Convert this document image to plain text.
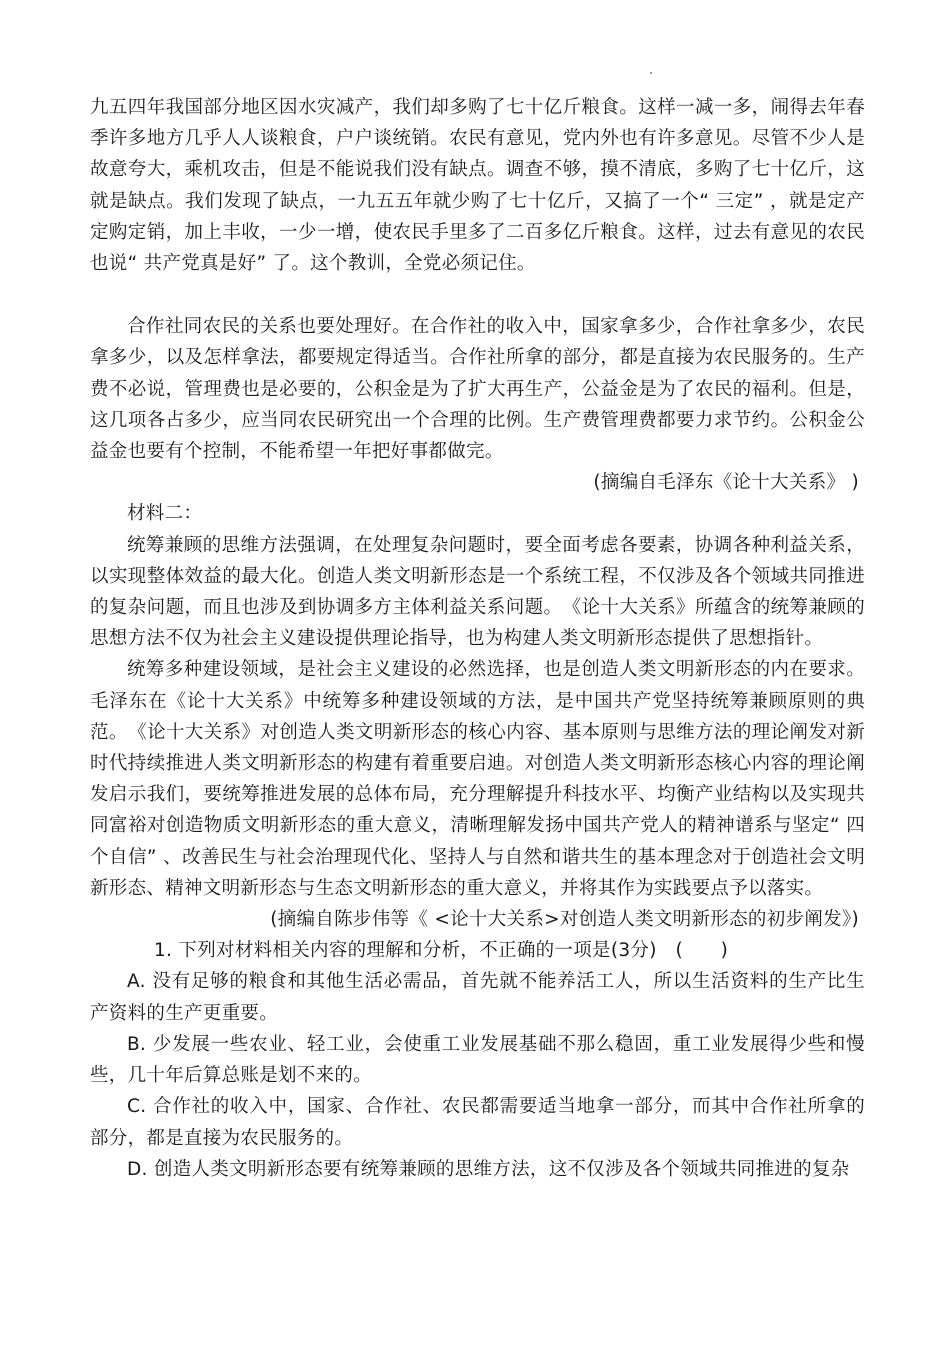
九五四年我国部分地区因水灾减产，我们却多购了七十亿斤粮食。这样一减一多，闹得去年春季许多地方几乎人人谈粮食，户户谈统销。农民有意见，党内外也有许多意见。尽管不少人是故意夸大，乘机攻击，但是不能说我们没有缺点。调查不够，摸不清底，多购了七十亿斤，这就是缺点。我们发现了缺点，一九五五年就少购了七十亿斤，又搞了一个“ 三定” ，就是定产定购定销，加上丰收，一少一增，使农民手里多了二百多亿斤粮食。这样，过去有意见的农民也说“ 共产党真是好” 了。这个教训，全党必须记住。

合作社同农民的关系也要处理好。在合作社的收入中，国家拿多少，合作社拿多少，农民拿多少，以及怎样拿法，都要规定得适当。合作社所拿的部分，都是直接为农民服务的。生产费不必说，管理费也是必要的，公积金是为了扩大再生产，公益金是为了农民的福利。但是，这几项各占多少，应当同农民研究出一个合理的比例。生产费管理费都要力求节约。公积金公益金也要有个控制，不能希望一年把好事都做完。

(摘编自毛泽东《论十大关系》 )

材料二：

统筹兼顾的思维方法强调，在处理复杂问题时，要全面考虑各要素，协调各种利益关系，以实现整体效益的最大化。创造人类文明新形态是一个系统工程，不仅涉及各个领域共同推进的复杂问题，而且也涉及到协调多方主体利益关系问题。　《论十大关系》所蕴含的统筹兼顾的思想方法不仅为社会主义建设提供理论指导，也为构建人类文明新形态提供了思想指针。

统筹多种建设领域，是社会主义建设的必然选择，也是创造人类文明新形态的内在要求。毛泽东在《论十大关系》中统筹多种建设领域的方法，是中国共产党坚持统筹兼顾原则的典范。　《论十大关系》对创造人类文明新形态的核心内容、基本原则与思维方法的理论阐发对新时代持续推进人类文明新形态的构建有着重要启迪。对创造人类文明新形态核心内容的理论阐发启示我们，要统筹推进发展的总体布局，充分理解提升科技水平、均衡产业结构以及实现共同富裕对创造物质文明新形态的重大意义，清晰理解发扬中国共产党人的精神谱系与坚定“ 四个自信” 、改善民生与社会治理现代化、坚持人与自然和谐共生的基本理念对于创造社会文明新形态、精神文明新形态与生态文明新形态的重大意义，并将其作为实践要点予以落实。

(摘编自陈步伟等《 <论十大关系>对创造人类文明新形态的初步阐发》)

1. 下列对材料相关内容的理解和分析，不正确的一项是(3分)　(　　)

A. 没有足够的粮食和其他生活必需品，首先就不能养活工人，所以生活资料的生产比生产资料的生产更重要。

B. 少发展一些农业、轻工业，会使重工业发展基础不那么稳固，重工业发展得少些和慢些，几十年后算总账是划不来的。

C. 合作社的收入中，国家、合作社、农民都需要适当地拿一部分，而其中合作社所拿的部分，都是直接为农民服务的。

D. 创造人类文明新形态要有统筹兼顾的思维方法，这不仅涉及各个领域共同推进的复杂
